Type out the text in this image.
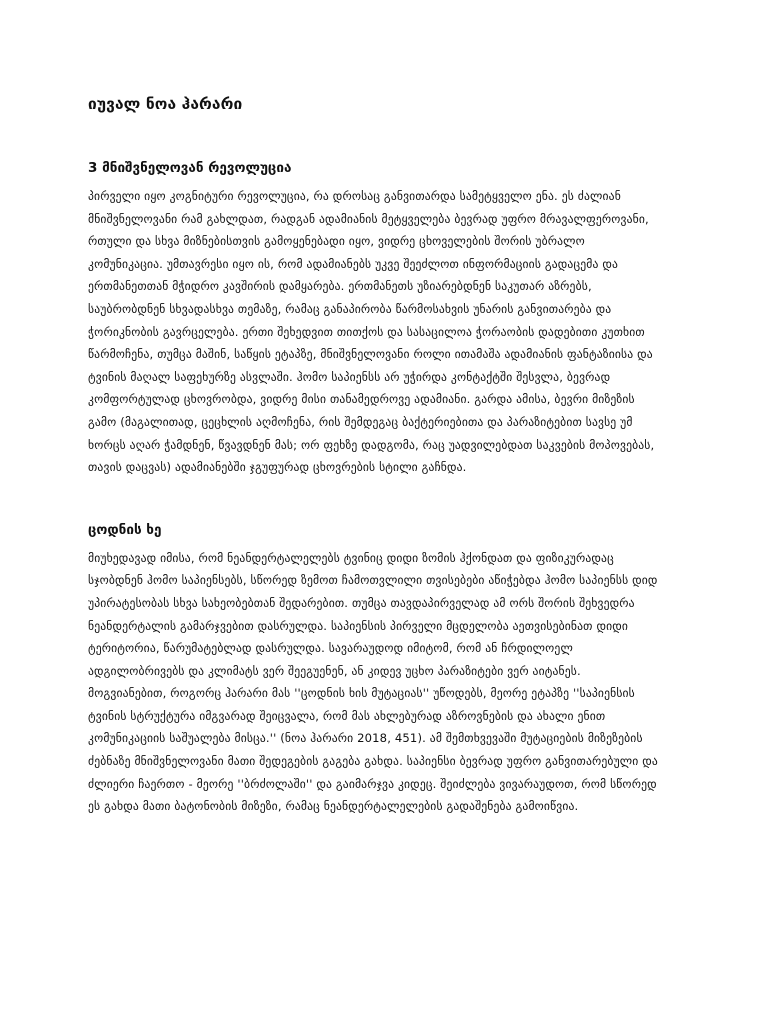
იუვალ ნოა ჰარარი
3 მნიშვნელოვან რევოლუცია

პირველი იყო კოგნიტური რევოლუცია, რა დროსაც განვითარდა სამეტყველო ენა. ეს ძალიან მნიშვნელოვანი რამ გახლდათ, რადგან ადამიანის მეტყველება ბევრად უფრო მრავალფეროვანი, რთული და სხვა მიზნებისთვის გამოყენებადი იყო, ვიდრე ცხოველების შორის უბრალო კომუნიკაცია. უმთავრესი იყო ის, რომ ადამიანებს უკვე შეეძლოთ ინფორმაციის გადაცემა და ერთმანეთთან მჭიდრო კავშირის დამყარება. ერთმანეთს უზიარებდნენ საკუთარ აზრებს, საუბრობდნენ სხვადასხვა თემაზე, რამაც განაპირობა წარმოსახვის უნარის განვითარება და ჭორიკნობის გავრცელება. ერთი შეხედვით თითქოს და სასაცილოა ჭორაობის დადებითი კუთხით წარმოჩენა, თუმცა მაშინ, საწყის ეტაპზე, მნიშვნელოვანი როლი ითამაშა ადამიანის ფანტაზიისა და ტვინის მაღალ საფეხურზე ასვლაში. ჰომო საპიენსს არ უჭირდა კონტაქტში შესვლა, ბევრად კომფორტულად ცხოვრობდა, ვიდრე მისი თანამედროვე ადამიანი. გარდა ამისა, ბევრი მიზეზის გამო (მაგალითად, ცეცხლის აღმოჩენა, რის შემდეგაც ბაქტერიებითა და პარაზიტებით სავსე უმ ხორცს აღარ ჭამდნენ, წვავდნენ მას; ორ ფეხზე დადგომა, რაც უადვილებდათ საკვების მოპოვებას, თავის დაცვას) ადამიანებში ჯგუფურად ცხოვრების სტილი გაჩნდა.

ცოდნის ხე

მიუხედავად იმისა, რომ ნეანდერტალელებს ტვინიც დიდი ზომის ჰქონდათ და ფიზიკურადაც სჯობდნენ ჰომო საპიენსებს, სწორედ ზემოთ ჩამოთვლილი თვისებები აწიჭებდა ჰომო საპიენსს დიდ უპირატესობას სხვა სახეობებთან შედარებით. თუმცა თავდაპირველად ამ ორს შორის შეხვედრა ნეანდერტალის გამარჯვებით დასრულდა. საპიენსის პირველი მცდელობა აეთვისებინათ დიდი ტერიტორია, წარუმატებლად დასრულდა. სავარაუდოდ იმიტომ, რომ ან ჩრდილოელ ადგილობრივებს და კლიმატს ვერ შეეგუენენ, ან კიდევ უცხო პარაზიტები ვერ აიტანეს. მოგვიანებით, როგორც ჰარარი მას ''ცოდნის ხის მუტაციას'' უწოდებს, მეორე ეტაპზე ''საპიენსის ტვინის სტრუქტურა იმგვარად შეიცვალა, რომ მას ახლებურად აზროვნების და ახალი ენით კომუნიკაციის საშუალება მისცა.'' (ნოა ჰარარი 2018, 451). ამ შემთხვევაში მუტაციების მიზეზების ძებნაზე მნიშვნელოვანი მათი შედეგების გაგება გახდა. საპიენსი ბევრად უფრო განვითარებული და ძლიერი ჩაერთო - მეორე ''ბრძოლაში'' და გაიმარჯვა კიდეც. შეიძლება ვივარაუდოთ, რომ სწორედ ეს გახდა მათი ბატონობის მიზეზი, რამაც ნეანდერტალელების გადაშენება გამოიწვია.
